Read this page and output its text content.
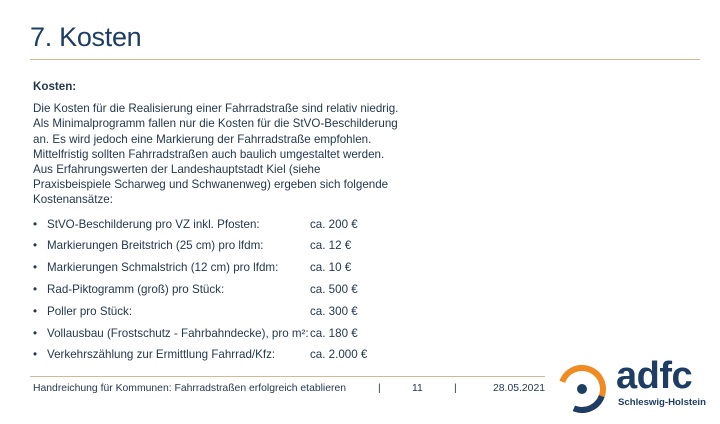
7. Kosten
Kosten:
Die Kosten für die Realisierung einer Fahrradstraße sind relativ niedrig.
Als Minimalprogramm fallen nur die Kosten für die StVO-Beschilderung
an. Es wird jedoch eine Markierung der Fahrradstraße empfohlen.
Mittelfristig sollten Fahrradstraßen auch baulich umgestaltet werden.
Aus Erfahrungswerten der Landeshauptstadt Kiel (siehe
Praxisbeispiele Scharweg und Schwanenweg) ergeben sich folgende
Kostenansätze:
• StVO-Beschilderung pro VZ inkl. Pfosten:	ca. 200 €
• Markierungen Breitstrich (25 cm) pro lfdm:	ca. 12 €
• Markierungen Schmalstrich (12 cm) pro lfdm:	ca. 10 €
• Rad-Piktogramm (groß) pro Stück:	ca. 500 €
• Poller pro Stück:	ca. 300 €
• Vollausbau (Frostschutz - Fahrbahndecke), pro m²: ca. 180 €
• Verkehrszählung zur Ermittlung Fahrrad/Kfz:	ca. 2.000 €
Handreichung für Kommunen: Fahrradstraßen erfolgreich etablieren	|	11	|	28.05.2021 adfc
Schleswig-Holstein
